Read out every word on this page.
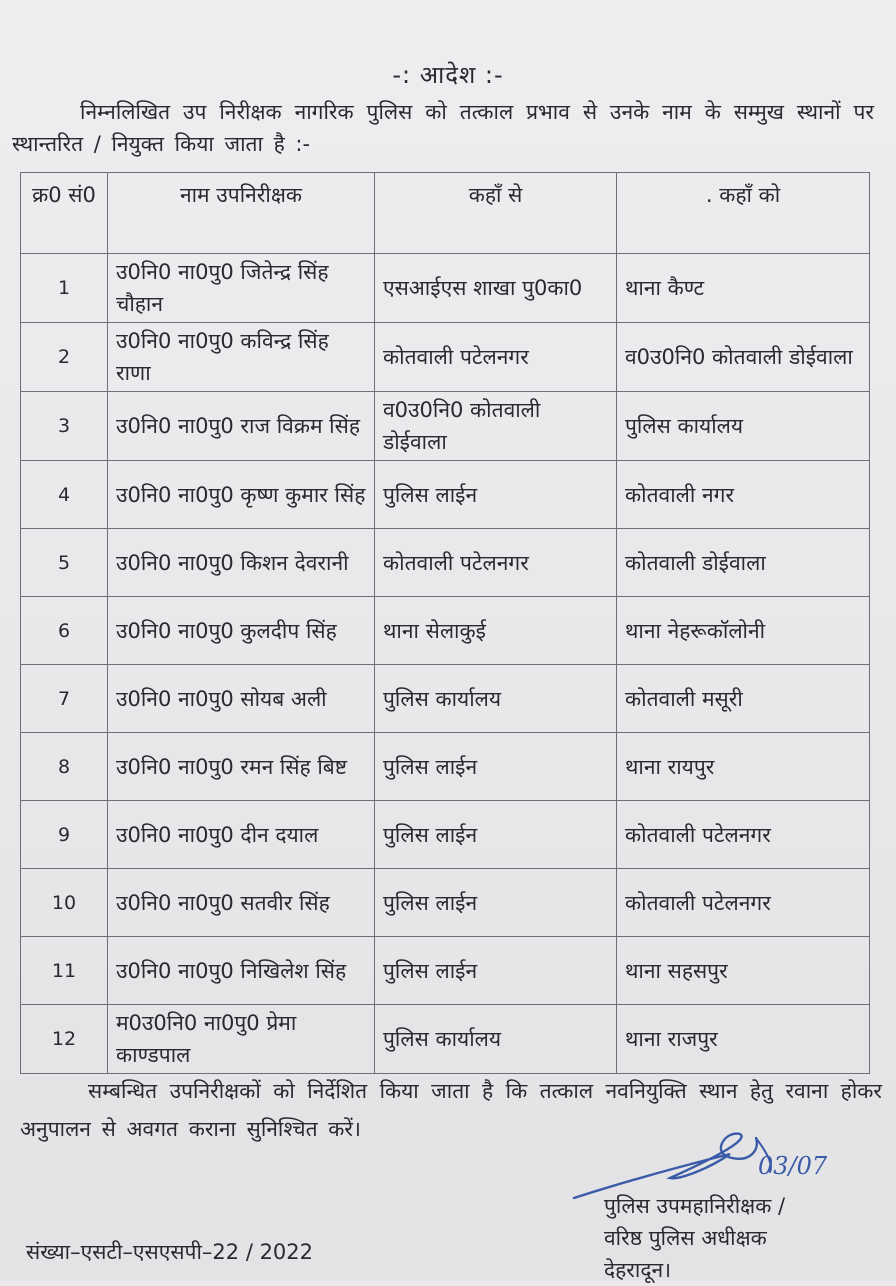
-: आदेश :-
निम्नलिखित उप निरीक्षक नागरिक पुलिस को तत्काल प्रभाव से उनके नाम के सम्मुख स्थानों पर स्थान्तरित / नियुक्त किया जाता है :-
क्र0 सं0	नाम उपनिरीक्षक	कहाँ से	. कहाँ को
1	उ0नि0 ना0पु0 जितेन्द्र सिंह चौहान	एसआईएस शाखा पु0का0	थाना कैण्ट
2	उ0नि0 ना0पु0 कविन्द्र सिंह राणा	कोतवाली पटेलनगर	व0उ0नि0 कोतवाली डोईवाला
3	उ0नि0 ना0पु0 राज विक्रम सिंह	व0उ0नि0 कोतवाली डोईवाला	पुलिस कार्यालय
4	उ0नि0 ना0पु0 कृष्ण कुमार सिंह	पुलिस लाईन	कोतवाली नगर
5	उ0नि0 ना0पु0 किशन देवरानी	कोतवाली पटेलनगर	कोतवाली डोईवाला
6	उ0नि0 ना0पु0 कुलदीप सिंह	थाना सेलाकुई	थाना नेहरूकॉलोनी
7	उ0नि0 ना0पु0 सोयब अली	पुलिस कार्यालय	कोतवाली मसूरी
8	उ0नि0 ना0पु0 रमन सिंह बिष्ट	पुलिस लाईन	थाना रायपुर
9	उ0नि0 ना0पु0 दीन दयाल	पुलिस लाईन	कोतवाली पटेलनगर
10	उ0नि0 ना0पु0 सतवीर सिंह	पुलिस लाईन	कोतवाली पटेलनगर
11	उ0नि0 ना0पु0 निखिलेश सिंह	पुलिस लाईन	थाना सहसपुर
12	म0उ0नि0 ना0पु0 प्रेमा काण्डपाल	पुलिस कार्यालय	थाना राजपुर
सम्बन्धित उपनिरीक्षकों को निर्देशित किया जाता है कि तत्काल नवनियुक्ति स्थान हेतु रवाना होकर अनुपालन से अवगत कराना सुनिश्चित करें।
03/07
पुलिस उपमहानिरीक्षक /
वरिष्ठ पुलिस अधीक्षक
देहरादून।
संख्या–एसटी–एसएसपी–22 / 2022
